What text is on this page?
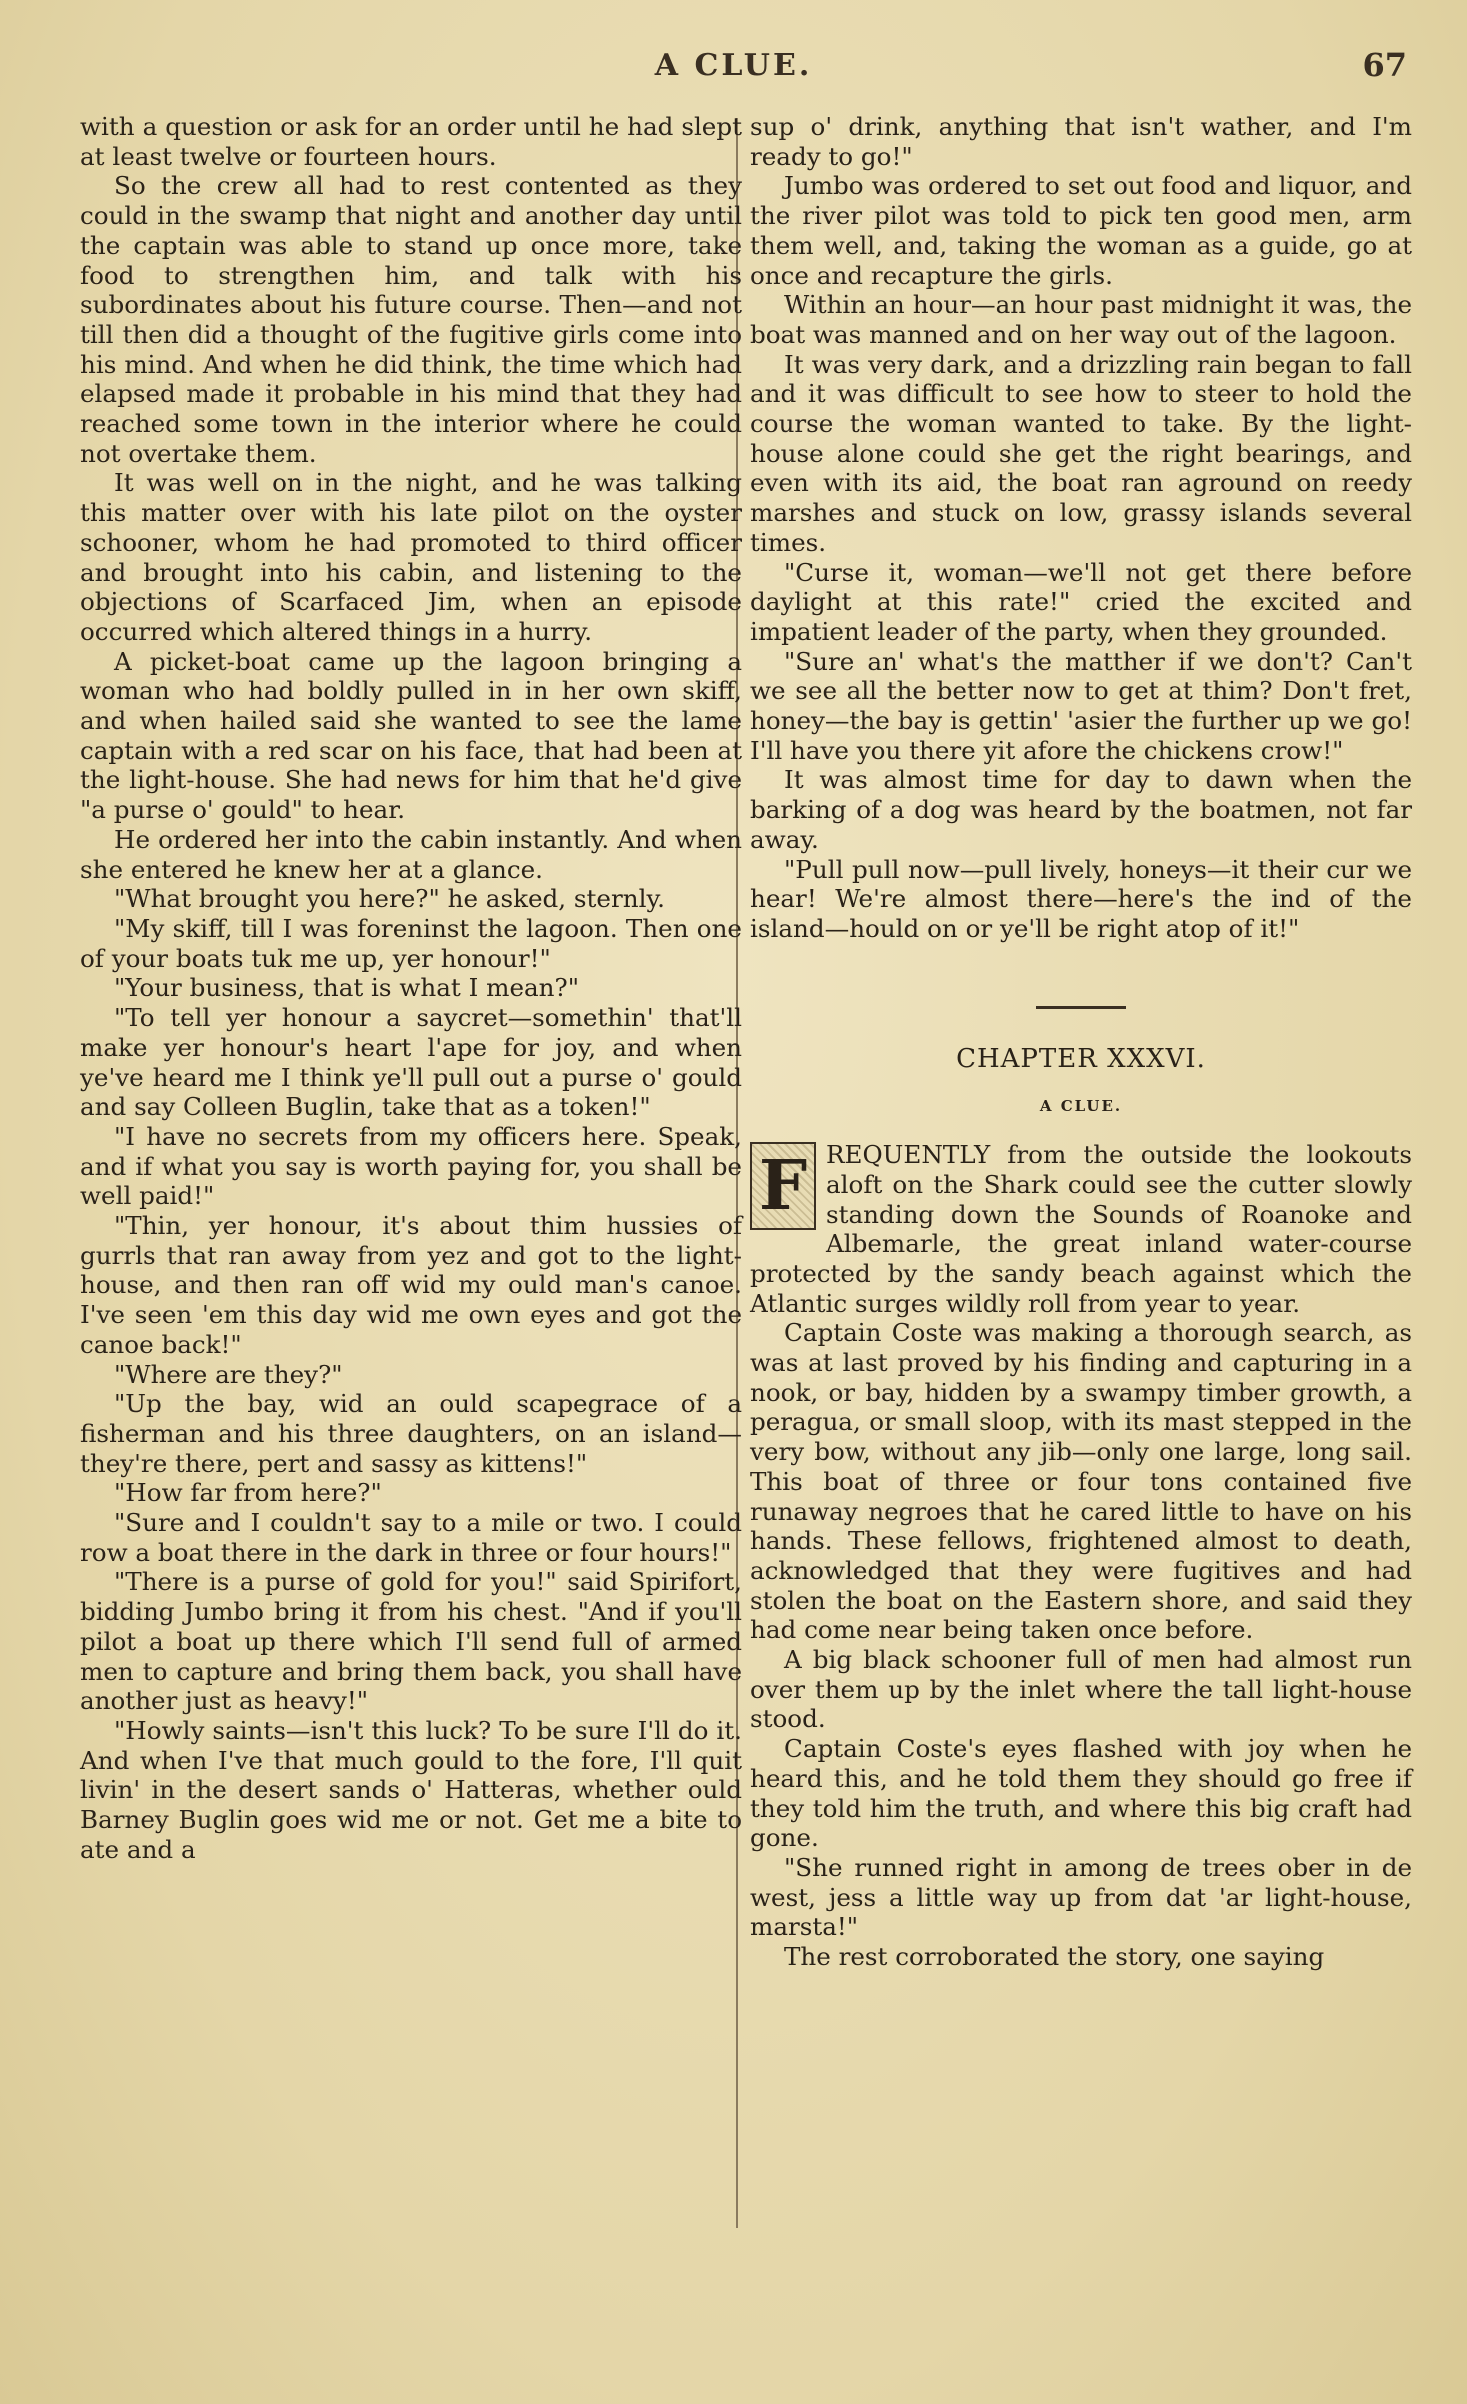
A CLUE.	67

with a question or ask for an order until he had slept at least twelve or fourteen hours.

So the crew all had to rest contented as they could in the swamp that night and another day until the captain was able to stand up once more, take food to strengthen him, and talk with his subordinates about his future course. Then—and not till then did a thought of the fugitive girls come into his mind. And when he did think, the time which had elapsed made it probable in his mind that they had reached some town in the interior where he could not overtake them.

It was well on in the night, and he was talking this matter over with his late pilot on the oyster schooner, whom he had promoted to third officer and brought into his cabin, and listening to the objections of Scarfaced Jim, when an episode occurred which altered things in a hurry.

A picket-boat came up the lagoon bringing a woman who had boldly pulled in in her own skiff, and when hailed said she wanted to see the lame captain with a red scar on his face, that had been at the light-house. She had news for him that he'd give "a purse o' gould" to hear.

He ordered her into the cabin instantly. And when she entered he knew her at a glance.

"What brought you here?" he asked, sternly.

"My skiff, till I was foreninst the lagoon. Then one of your boats tuk me up, yer honour!"

"Your business, that is what I mean?"

"To tell yer honour a saycret—somethin' that'll make yer honour's heart l'ape for joy, and when ye've heard me I think ye'll pull out a purse o' gould and say Colleen Buglin, take that as a token!"

"I have no secrets from my officers here. Speak, and if what you say is worth paying for, you shall be well paid!"

"Thin, yer honour, it's about thim hussies of gurrls that ran away from yez and got to the light-house, and then ran off wid my ould man's canoe. I've seen 'em this day wid me own eyes and got the canoe back!"

"Where are they?"

"Up the bay, wid an ould scapegrace of a fisherman and his three daughters, on an island—they're there, pert and sassy as kittens!"

"How far from here?"

"Sure and I couldn't say to a mile or two. I could row a boat there in the dark in three or four hours!"

"There is a purse of gold for you!" said Spirifort, bidding Jumbo bring it from his chest. "And if you'll pilot a boat up there which I'll send full of armed men to capture and bring them back, you shall have another just as heavy!"

"Howly saints—isn't this luck? To be sure I'll do it. And when I've that much gould to the fore, I'll quit livin' in the desert sands o' Hatteras, whether ould Barney Buglin goes wid me or not. Get me a bite to ate and a

sup o' drink, anything that isn't wather, and I'm ready to go!"

Jumbo was ordered to set out food and liquor, and the river pilot was told to pick ten good men, arm them well, and, taking the woman as a guide, go at once and recapture the girls.

Within an hour—an hour past midnight it was, the boat was manned and on her way out of the lagoon.

It was very dark, and a drizzling rain began to fall and it was difficult to see how to steer to hold the course the woman wanted to take. By the light-house alone could she get the right bearings, and even with its aid, the boat ran aground on reedy marshes and stuck on low, grassy islands several times.

"Curse it, woman—we'll not get there before daylight at this rate!" cried the excited and impatient leader of the party, when they grounded.

"Sure an' what's the matther if we don't? Can't we see all the better now to get at thim? Don't fret, honey—the bay is gettin' 'asier the further up we go! I'll have you there yit afore the chickens crow!"

It was almost time for day to dawn when the barking of a dog was heard by the boatmen, not far away.

"Pull pull now—pull lively, honeys—it their cur we hear! We're almost there—here's the ind of the island—hould on or ye'll be right atop of it!"

CHAPTER XXXVI.
A CLUE.

F REQUENTLY from the outside the lookouts aloft on the Shark could see the cutter slowly standing down the Sounds of Roanoke and Albemarle, the great inland water-course protected by the sandy beach against which the Atlantic surges wildly roll from year to year.

Captain Coste was making a thorough search, as was at last proved by his finding and capturing in a nook, or bay, hidden by a swampy timber growth, a peragua, or small sloop, with its mast stepped in the very bow, without any jib—only one large, long sail. This boat of three or four tons contained five runaway negroes that he cared little to have on his hands. These fellows, frightened almost to death, acknowledged that they were fugitives and had stolen the boat on the Eastern shore, and said they had come near being taken once before.

A big black schooner full of men had almost run over them up by the inlet where the tall light-house stood.

Captain Coste's eyes flashed with joy when he heard this, and he told them they should go free if they told him the truth, and where this big craft had gone.

"She runned right in among de trees ober in de west, jess a little way up from dat 'ar light-house, marsta!"

The rest corroborated the story, one saying
